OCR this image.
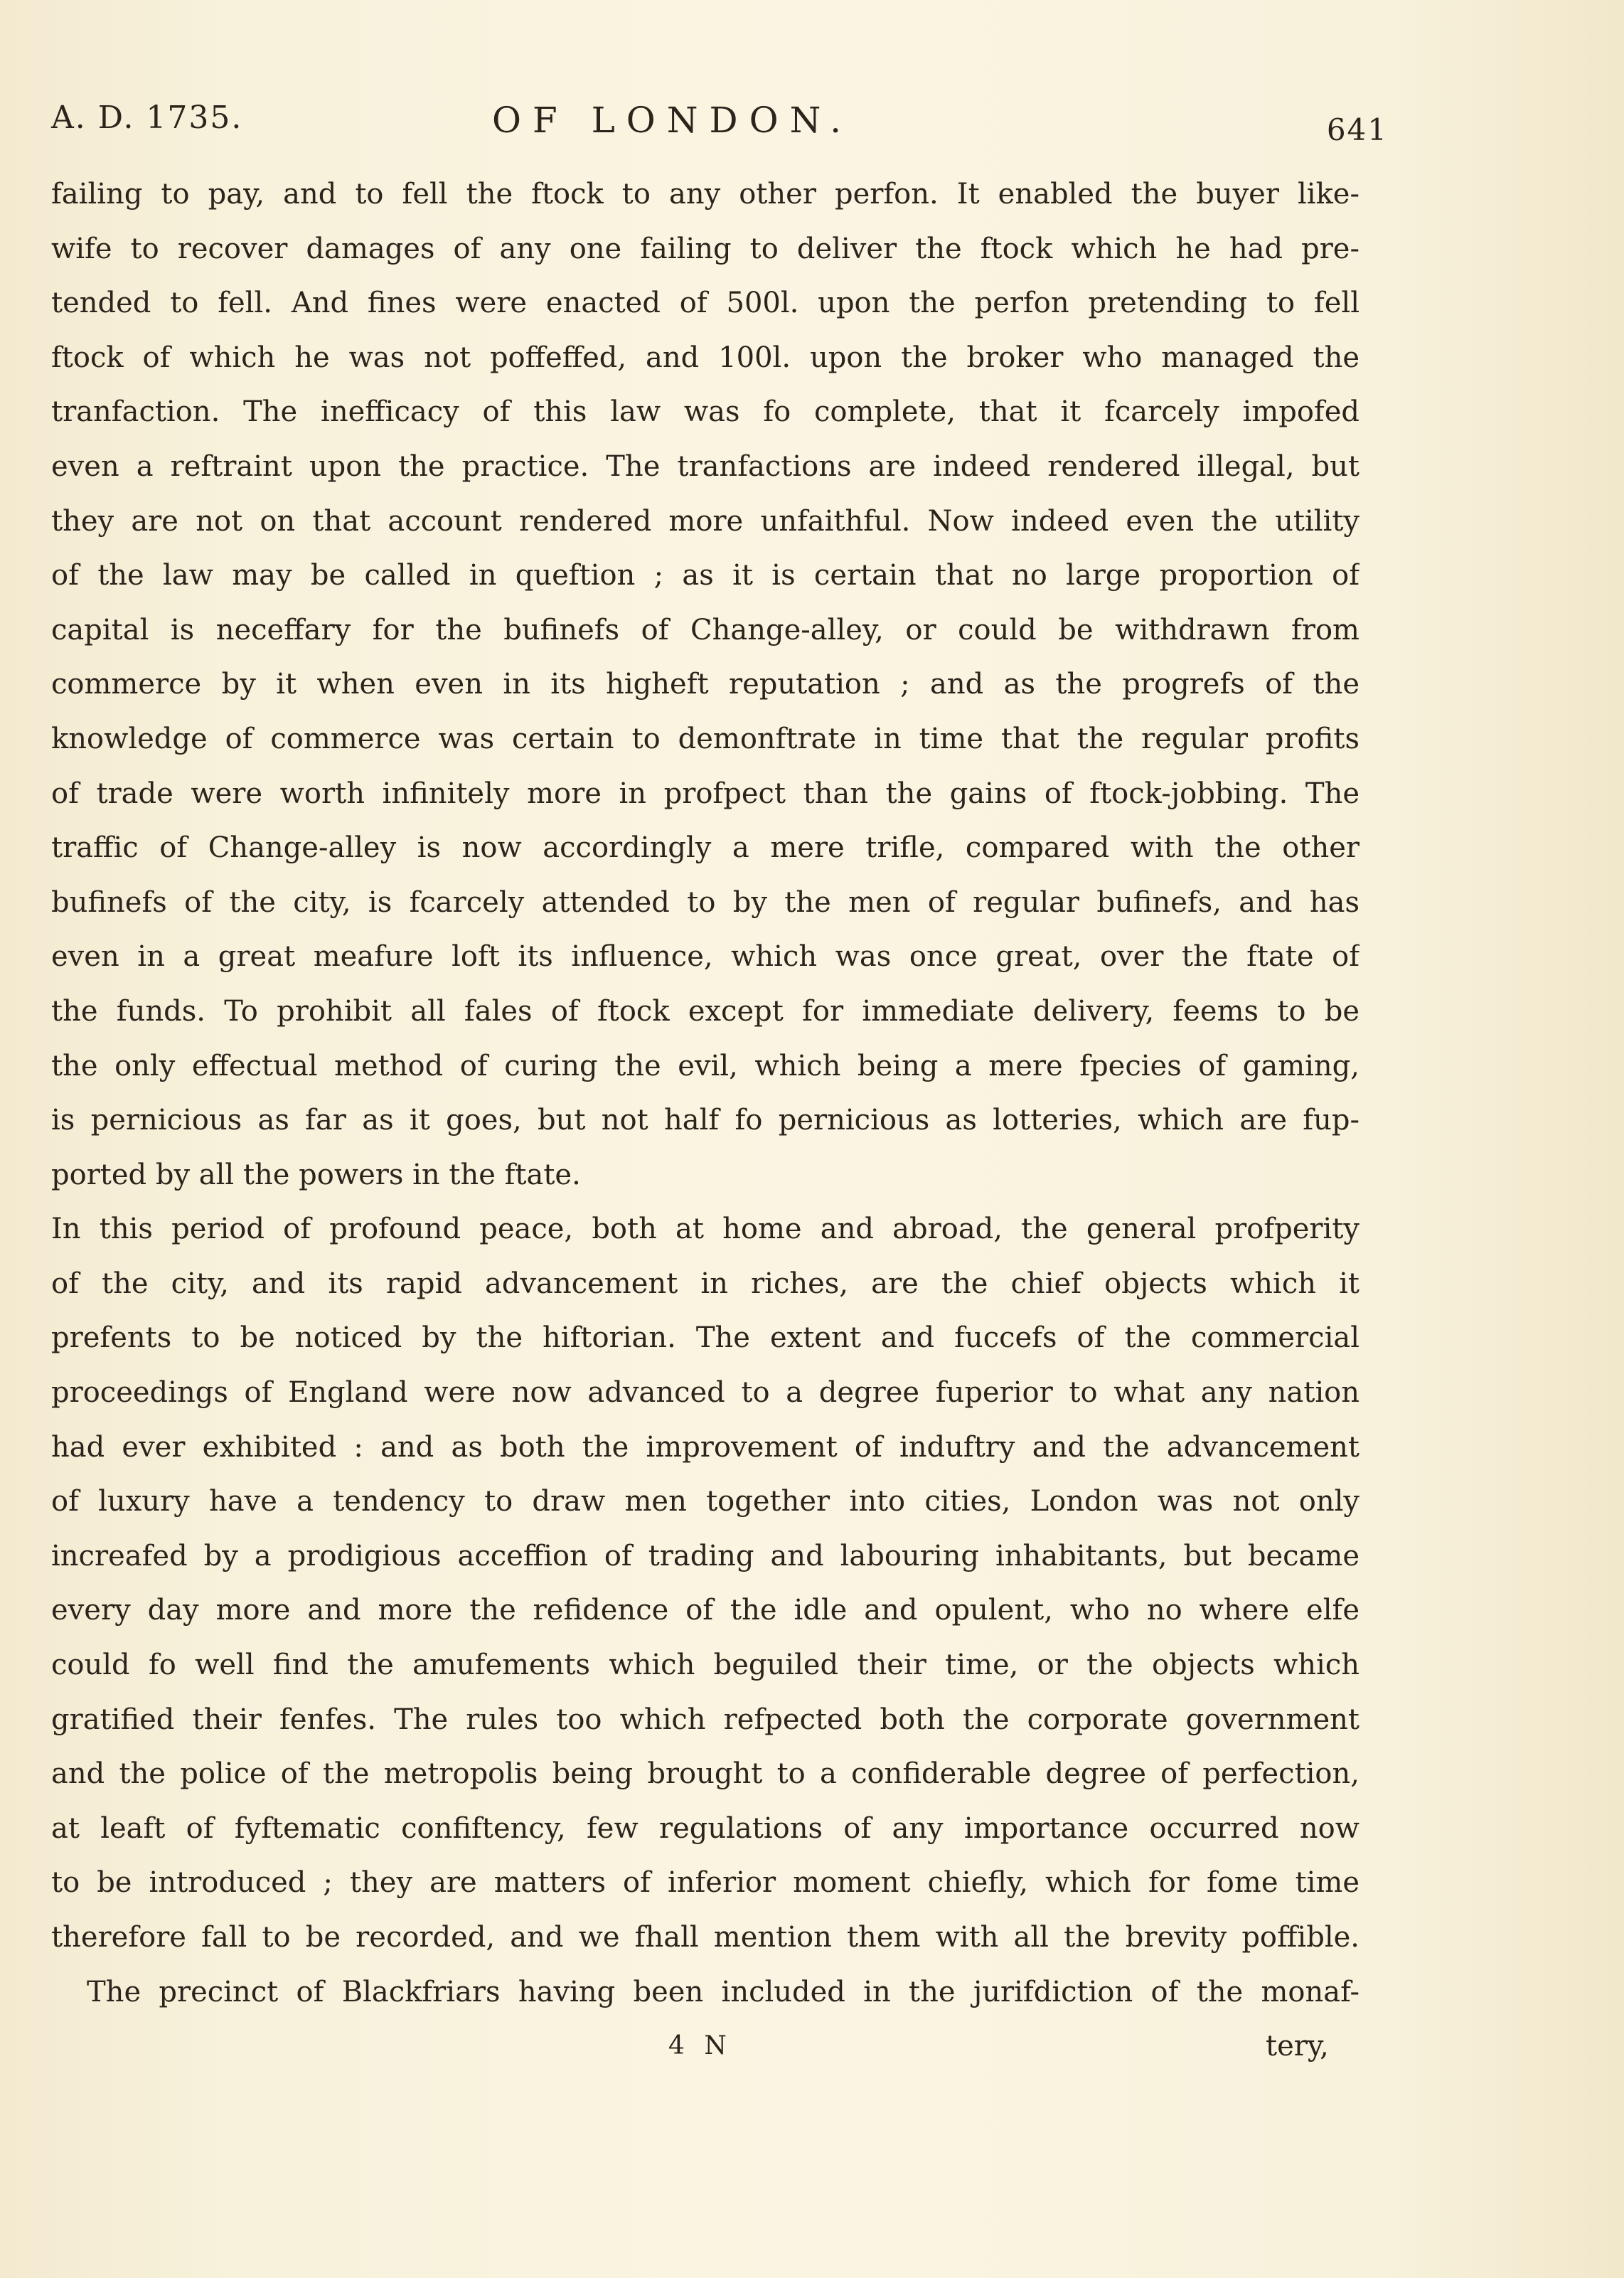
A. D. 1735.	OF LONDON.	641
failing to pay, and to fell the ftock to any other perfon. It enabled the buyer like-
wife to recover damages of any one failing to deliver the ftock which he had pre-
tended to fell. And fines were enacted of 500l. upon the perfon pretending to fell
ftock of which he was not poffeffed, and 100l. upon the broker who managed the
tranfaction. The inefficacy of this law was fo complete, that it fcarcely impofed
even a reftraint upon the practice. The tranfactions are indeed rendered illegal, but
they are not on that account rendered more unfaithful. Now indeed even the utility
of the law may be called in queftion ; as it is certain that no large proportion of
capital is neceffary for the bufinefs of Change-alley, or could be withdrawn from
commerce by it when even in its higheft reputation ; and as the progrefs of the
knowledge of commerce was certain to demonftrate in time that the regular profits
of trade were worth infinitely more in profpect than the gains of ftock-jobbing. The
traffic of Change-alley is now accordingly a mere trifle, compared with the other
bufinefs of the city, is fcarcely attended to by the men of regular bufinefs, and has
even in a great meafure loft its influence, which was once great, over the ftate of
the funds. To prohibit all fales of ftock except for immediate delivery, feems to be
the only effectual method of curing the evil, which being a mere fpecies of gaming,
is pernicious as far as it goes, but not half fo pernicious as lotteries, which are fup-
ported by all the powers in the ftate.
In this period of profound peace, both at home and abroad, the general profperity
of the city, and its rapid advancement in riches, are the chief objects which it
prefents to be noticed by the hiftorian. The extent and fuccefs of the commercial
proceedings of England were now advanced to a degree fuperior to what any nation
had ever exhibited : and as both the improvement of induftry and the advancement
of luxury have a tendency to draw men together into cities, London was not only
increafed by a prodigious acceffion of trading and labouring inhabitants, but became
every day more and more the refidence of the idle and opulent, who no where elfe
could fo well find the amufements which beguiled their time, or the objects which
gratified their fenfes. The rules too which refpected both the corporate government
and the police of the metropolis being brought to a confiderable degree of perfection,
at leaft of fyftematic confiftency, few regulations of any importance occurred now
to be introduced ; they are matters of inferior moment chiefly, which for fome time
therefore fall to be recorded, and we fhall mention them with all the brevity poffible.
The precinct of Blackfriars having been included in the jurifdiction of the monaf-
4 N	tery,
